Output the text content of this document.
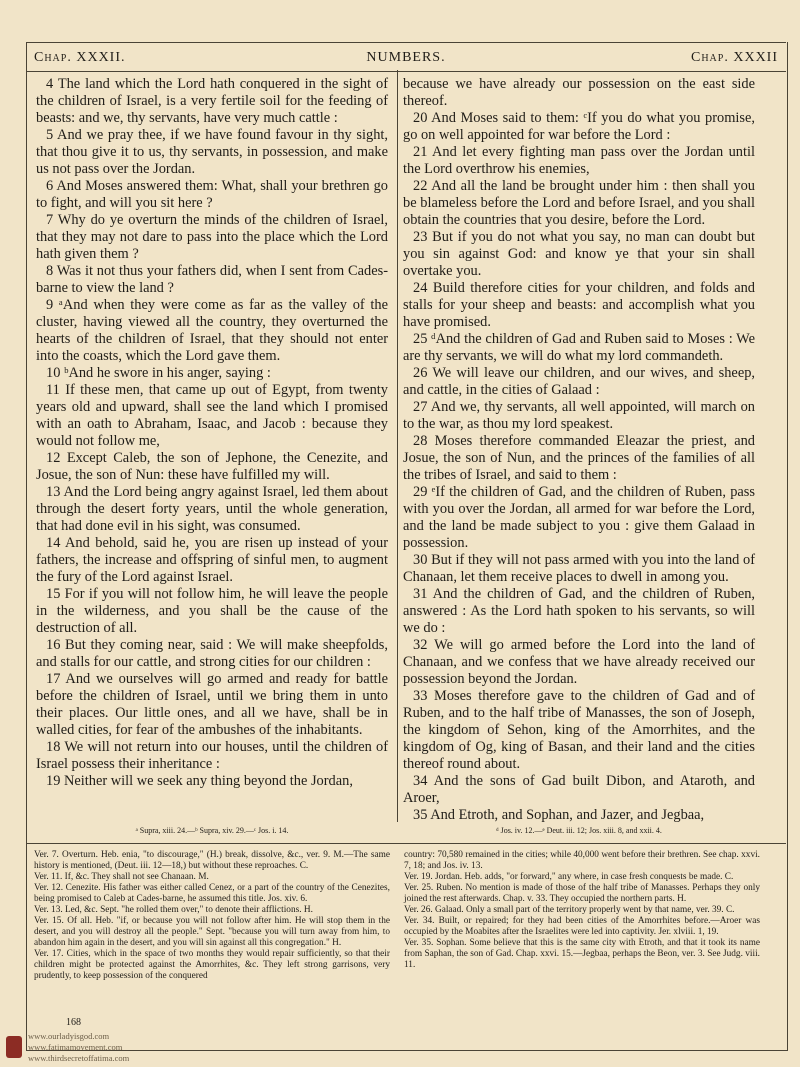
NUMBERS.
Chap. XXXII.	Chap. XXXII

4 The land which the Lord hath conquered in the sight of the children of Israel, is a very fertile soil for the feeding of beasts: and we, thy servants, have very much cattle :

5 And we pray thee, if we have found favour in thy sight, that thou give it to us, thy servants, in possession, and make us not pass over the Jordan.

6 And Moses answered them: What, shall your brethren go to fight, and will you sit here ?

7 Why do ye overturn the minds of the children of Israel, that they may not dare to pass into the place which the Lord hath given them ?

8 Was it not thus your fathers did, when I sent from Cades-barne to view the land ?

9 ᵃAnd when they were come as far as the valley of the cluster, having viewed all the country, they overturned the hearts of the children of Israel, that they should not enter into the coasts, which the Lord gave them.

10 ᵇAnd he swore in his anger, saying :

11 If these men, that came up out of Egypt, from twenty years old and upward, shall see the land which I promised with an oath to Abraham, Isaac, and Jacob : because they would not follow me,

12 Except Caleb, the son of Jephone, the Cenezite, and Josue, the son of Nun: these have fulfilled my will.

13 And the Lord being angry against Israel, led them about through the desert forty years, until the whole generation, that had done evil in his sight, was consumed.

14 And behold, said he, you are risen up instead of your fathers, the increase and offspring of sinful men, to augment the fury of the Lord against Israel.

15 For if you will not follow him, he will leave the people in the wilderness, and you shall be the cause of the destruction of all.

16 But they coming near, said : We will make sheepfolds, and stalls for our cattle, and strong cities for our children :

17 And we ourselves will go armed and ready for battle before the children of Israel, until we bring them in unto their places. Our little ones, and all we have, shall be in walled cities, for fear of the ambushes of the inhabitants.

18 We will not return into our houses, until the children of Israel possess their inheritance :

19 Neither will we seek any thing beyond the Jordan,

because we have already our possession on the east side thereof.

20 And Moses said to them: ᶜIf you do what you promise, go on well appointed for war before the Lord :

21 And let every fighting man pass over the Jordan until the Lord overthrow his enemies,

22 And all the land be brought under him : then shall you be blameless before the Lord and before Israel, and you shall obtain the countries that you desire, before the Lord.

23 But if you do not what you say, no man can doubt but you sin against God: and know ye that your sin shall overtake you.

24 Build therefore cities for your children, and folds and stalls for your sheep and beasts: and accomplish what you have promised.

25 ᵈAnd the children of Gad and Ruben said to Moses : We are thy servants, we will do what my lord commandeth.

26 We will leave our children, and our wives, and sheep, and cattle, in the cities of Galaad :

27 And we, thy servants, all well appointed, will march on to the war, as thou my lord speakest.

28 Moses therefore commanded Eleazar the priest, and Josue, the son of Nun, and the princes of the families of all the tribes of Israel, and said to them :

29 ᵉIf the children of Gad, and the children of Ruben, pass with you over the Jordan, all armed for war before the Lord, and the land be made subject to you : give them Galaad in possession.

30 But if they will not pass armed with you into the land of Chanaan, let them receive places to dwell in among you.

31 And the children of Gad, and the children of Ruben, answered : As the Lord hath spoken to his servants, so will we do :

32 We will go armed before the Lord into the land of Chanaan, and we confess that we have already received our possession beyond the Jordan.

33 Moses therefore gave to the children of Gad and of Ruben, and to the half tribe of Manasses, the son of Joseph, the kingdom of Sehon, king of the Amorrhites, and the kingdom of Og, king of Basan, and their land and the cities thereof round about.

34 And the sons of Gad built Dibon, and Ataroth, and Aroer,

35 And Etroth, and Sophan, and Jazer, and Jegbaa,

ᵃ Supra, xiii. 24.—ᵇ Supra, xiv. 29.—ᶜ Jos. i. 14.	ᵈ Jos. iv. 12.—ᵉ Deut. iii. 12; Jos. xiii. 8, and xxii. 4.

Ver. 7. Overturn. Heb. enia, "to discourage," (H.) break, dissolve, &c., ver. 9. M.—The same history is mentioned, (Deut. iii. 12—18,) but without these reproaches. C.

Ver. 11. If, &c. They shall not see Chanaan. M.

Ver. 12. Cenezite. His father was either called Cenez, or a part of the country of the Cenezites, being promised to Caleb at Cades-barne, he assumed this title. Jos. xiv. 6.

Ver. 13. Led, &c. Sept. "he rolled them over," to denote their afflictions. H.

Ver. 15. Of all. Heb. "if, or because you will not follow after him. He will stop them in the desert, and you will destroy all the people." Sept. "because you will turn away from him, to abandon him again in the desert, and you will sin against all this congregation." H.

Ver. 17. Cities, which in the space of two months they would repair sufficiently, so that their children might be protected against the Amorrhites, &c. They left strong garrisons, very prudently, to keep possession of the conquered

country: 70,580 remained in the cities; while 40,000 went before their brethren. See chap. xxvi. 7, 18; and Jos. iv. 13.

Ver. 19. Jordan. Heb. adds, "or forward," any where, in case fresh conquests be made. C.

Ver. 25. Ruben. No mention is made of those of the half tribe of Manasses. Perhaps they only joined the rest afterwards. Chap. v. 33. They occupied the northern parts. H.

Ver. 26. Galaad. Only a small part of the territory properly went by that name, ver. 39. C.

Ver. 34. Built, or repaired; for they had been cities of the Amorrhites before.—Aroer was occupied by the Moabites after the Israelites were led into captivity. Jer. xlviii. 1, 19.

Ver. 35. Sophan. Some believe that this is the same city with Etroth, and that it took its name from Saphan, the son of Gad. Chap. xxvi. 15.—Jegbaa, perhaps the Beon, ver. 3. See Judg. viii. 11.

www.ourladyisgod.com
www.fatimamovement.com
www.thirdsecretoffatima.com
168
